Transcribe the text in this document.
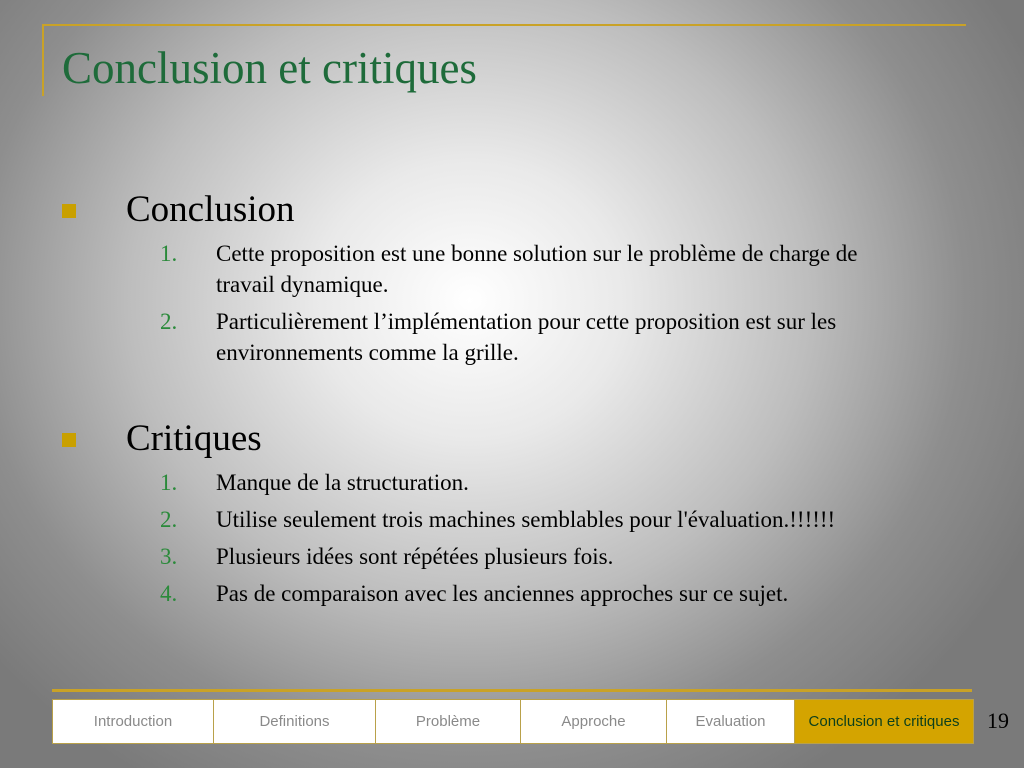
Conclusion et critiques
Conclusion
1. Cette proposition est une bonne solution sur le problème de charge de travail dynamique.
2. Particulièrement l’implémentation pour cette proposition est sur les environnements comme la grille.
Critiques
1. Manque de la structuration.
2. Utilise seulement trois machines semblables pour l'évaluation.!!!!!!
3. Plusieurs idées sont répétées plusieurs fois.
4. Pas de comparaison avec les anciennes approches sur ce sujet.
Introduction	Definitions	Problème	Approche	Evaluation	Conclusion et critiques	19
